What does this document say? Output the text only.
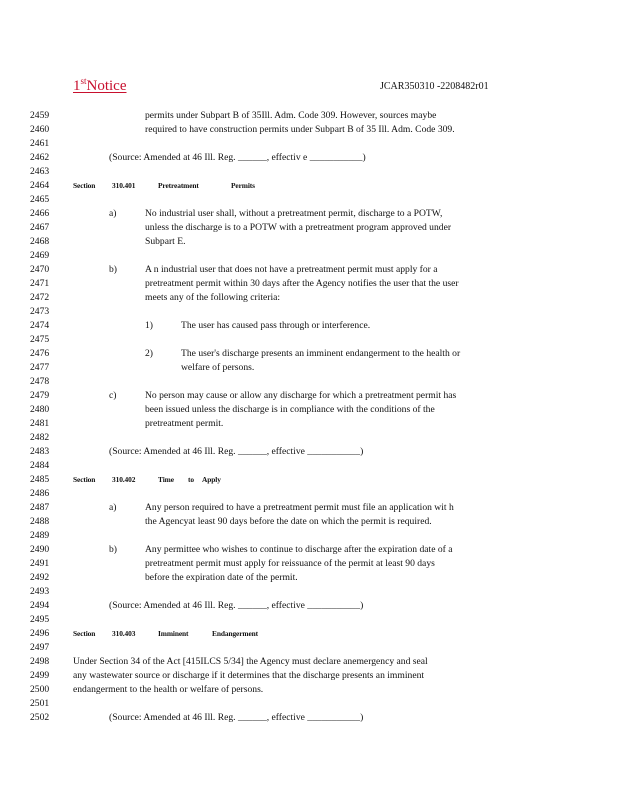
1stNotice	JCAR350310 -2208482r01
2459	permits under Subpart B of 35Ill. Adm. Code 309. However, sources maybe
2460	required to have construction permits under Subpart B of 35 Ill. Adm. Code 309.
2461
2462	(Source: Amended at 46 Ill. Reg. ______, effectiv e ___________)
2463
2464	Section 310.401	Pretreatment	Permits
2465
2466	a)	No industrial user shall, without a pretreatment permit, discharge to a POTW,
2467	unless the discharge is to a POTW with a pretreatment program approved under
2468	Subpart E.
2469
2470	b)	A n industrial user that does not have a pretreatment permit must apply for a
2471	pretreatment permit within 30 days after the Agency notifies the user that the user
2472	meets any of the following criteria:
2473
2474	1)	The user has caused pass through or interference.
2475
2476	2)	The user's discharge presents an imminent endangerment to the health or
2477	welfare of persons.
2478
2479	c)	No person may cause or allow any discharge for which a pretreatment permit has
2480	been issued unless the discharge is in compliance with the conditions of the
2481	pretreatment permit.
2482
2483	(Source: Amended at 46 Ill. Reg. ______, effective ___________)
2484
2485	Section 310.402	Time to Apply
2486
2487	a)	Any person required to have a pretreatment permit must file an application wit h
2488	the Agencyat least 90 days before the date on which the permit is required.
2489
2490	b)	Any permittee who wishes to continue to discharge after the expiration date of a
2491	pretreatment permit must apply for reissuance of the permit at least 90 days
2492	before the expiration date of the permit.
2493
2494	(Source: Amended at 46 Ill. Reg. ______, effective ___________)
2495
2496	Section 310.403	Imminent	Endangerment
2497
2498	Under Section 34 of the Act [415ILCS 5/34] the Agency must declare anemergency and seal
2499	any wastewater source or discharge if it determines that the discharge presents an imminent
2500	endangerment to the health or welfare of persons.
2501
2502	(Source: Amended at 46 Ill. Reg. ______, effective ___________)
